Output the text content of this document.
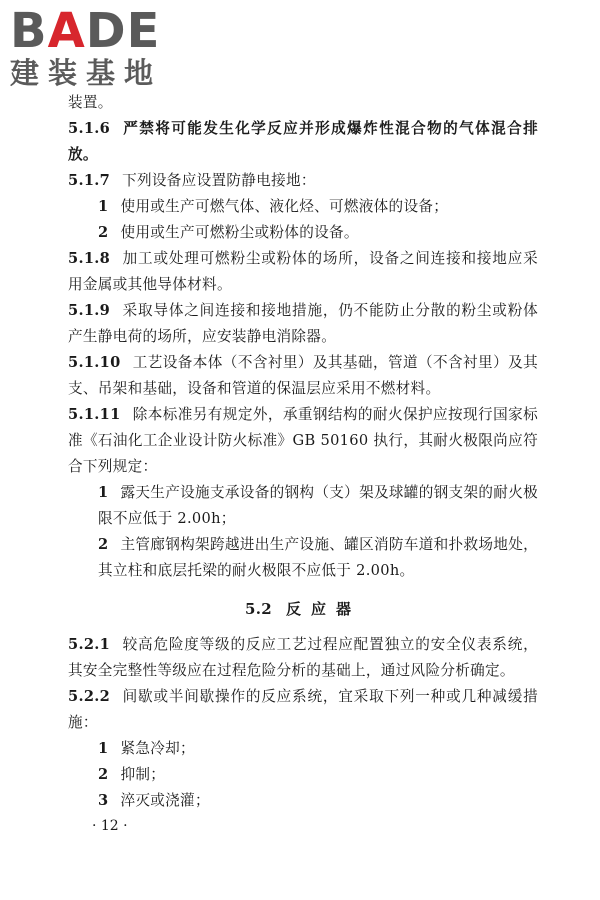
BADE
建装基地

装置。

5.1.6 严禁将可能发生化学反应并形成爆炸性混合物的气体混合排放。

5.1.7 下列设备应设置防静电接地：

1 使用或生产可燃气体、液化烃、可燃液体的设备；

2 使用或生产可燃粉尘或粉体的设备。

5.1.8 加工或处理可燃粉尘或粉体的场所，设备之间连接和接地应采用金属或其他导体材料。

5.1.9 采取导体之间连接和接地措施，仍不能防止分散的粉尘或粉体产生静电荷的场所，应安装静电消除器。

5.1.10 工艺设备本体（不含衬里）及其基础，管道（不含衬里）及其支、吊架和基础，设备和管道的保温层应采用不燃材料。

5.1.11 除本标准另有规定外，承重钢结构的耐火保护应按现行国家标准《石油化工企业设计防火标准》GB 50160 执行，其耐火极限尚应符合下列规定：

1 露天生产设施支承设备的钢构（支）架及球罐的钢支架的耐火极限不应低于 2.00h；

2 主管廊钢构架跨越进出生产设施、罐区消防车道和扑救场地处，其立柱和底层托梁的耐火极限不应低于 2.00h。

5.2 反应器

5.2.1 较高危险度等级的反应工艺过程应配置独立的安全仪表系统，其安全完整性等级应在过程危险分析的基础上，通过风险分析确定。

5.2.2 间歇或半间歇操作的反应系统，宜采取下列一种或几种减缓措施：

1 紧急冷却；

2 抑制；

3 淬灭或浇灌；

· 12 ·
